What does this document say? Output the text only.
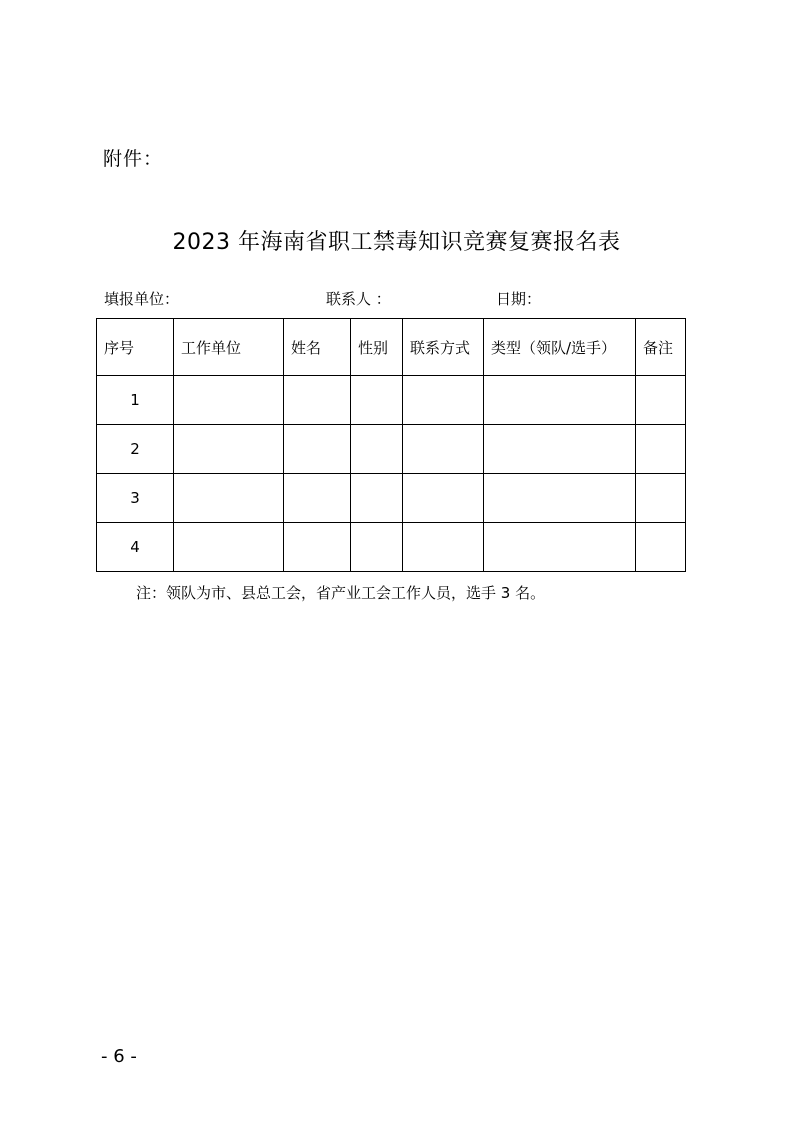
附件：
2023 年海南省职工禁毒知识竞赛复赛报名表
填报单位：	联系人 ：	日期：
序号	工作单位	姓名	性别	联系方式	类型（领队/选手）	备注
1						
2						
3						
4						
注：领队为市、县总工会，省产业工会工作人员，选手 3 名。
- 6 -
